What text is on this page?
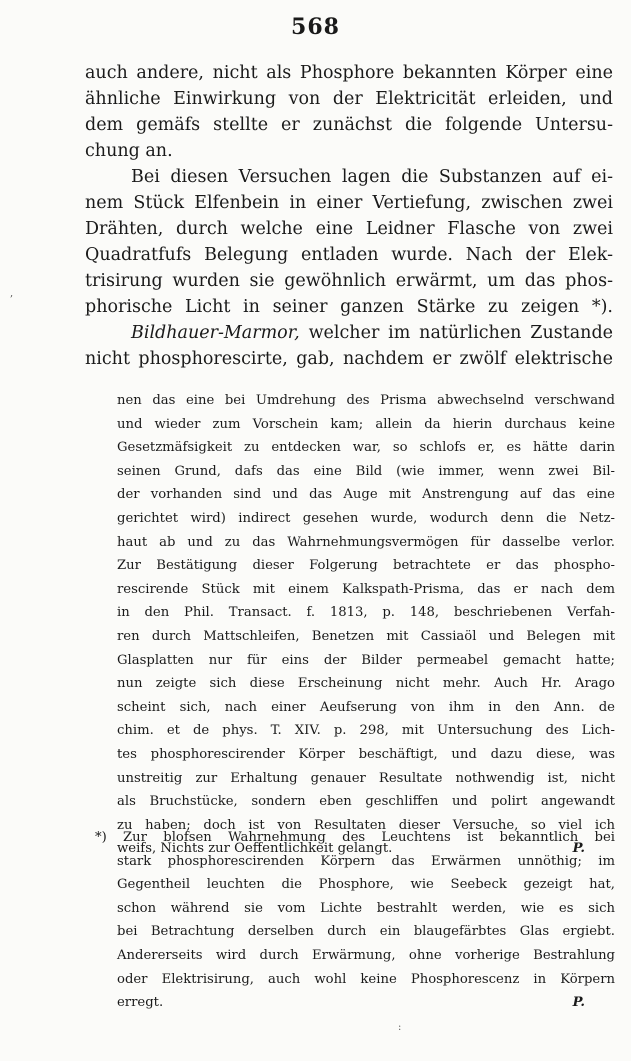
568
auch andere, nicht als Phosphore bekannten Körper eine
ähnliche Einwirkung von der Elektricität erleiden, und
dem gemäfs stellte er zunächst die folgende Untersu-
chung an.
Bei diesen Versuchen lagen die Substanzen auf ei-
nem Stück Elfenbein in einer Vertiefung, zwischen zwei
Drähten, durch welche eine Leidner Flasche von zwei
Quadratfufs Belegung entladen wurde. Nach der Elek-
trisirung wurden sie gewöhnlich erwärmt, um das phos-
phorische Licht in seiner ganzen Stärke zu zeigen *).
Bildhauer-Marmor, welcher im natürlichen Zustande
nicht phosphorescirte, gab, nachdem er zwölf elektrische
nen das eine bei Umdrehung des Prisma abwechselnd verschwand
und wieder zum Vorschein kam; allein da hierin durchaus keine
Gesetzmäfsigkeit zu entdecken war, so schlofs er, es hätte darin
seinen Grund, dafs das eine Bild (wie immer, wenn zwei Bil-
der vorhanden sind und das Auge mit Anstrengung auf das eine
gerichtet wird) indirect gesehen wurde, wodurch denn die Netz-
haut ab und zu das Wahrnehmungsvermögen für dasselbe verlor.
Zur Bestätigung dieser Folgerung betrachtete er das phospho-
rescirende Stück mit einem Kalkspath-Prisma, das er nach dem
in den Phil. Transact. f. 1813, p. 148, beschriebenen Verfah-
ren durch Mattschleifen, Benetzen mit Cassiaöl und Belegen mit
Glasplatten nur für eins der Bilder permeabel gemacht hatte;
nun zeigte sich diese Erscheinung nicht mehr. Auch Hr. Arago
scheint sich, nach einer Aeufserung von ihm in den Ann. de
chim. et de phys. T. XIV. p. 298, mit Untersuchung des Lich-
tes phosphorescirender Körper beschäftigt, und dazu diese, was
unstreitig zur Erhaltung genauer Resultate nothwendig ist, nicht
als Bruchstücke, sondern eben geschliffen und polirt angewandt
zu haben; doch ist von Resultaten dieser Versuche, so viel ich
weifs, Nichts zur Oeffentlichkeit gelangt.	P.
*) Zur blofsen Wahrnehmung des Leuchtens ist bekanntlich bei
stark phosphorescirenden Körpern das Erwärmen unnöthig; im
Gegentheil leuchten die Phosphore, wie Seebeck gezeigt hat,
schon während sie vom Lichte bestrahlt werden, wie es sich
bei Betrachtung derselben durch ein blaugefärbtes Glas ergiebt.
Andererseits wird durch Erwärmung, ohne vorherige Bestrahlung
oder Elektrisirung, auch wohl keine Phosphorescenz in Körpern
erregt.	P.
,
:
